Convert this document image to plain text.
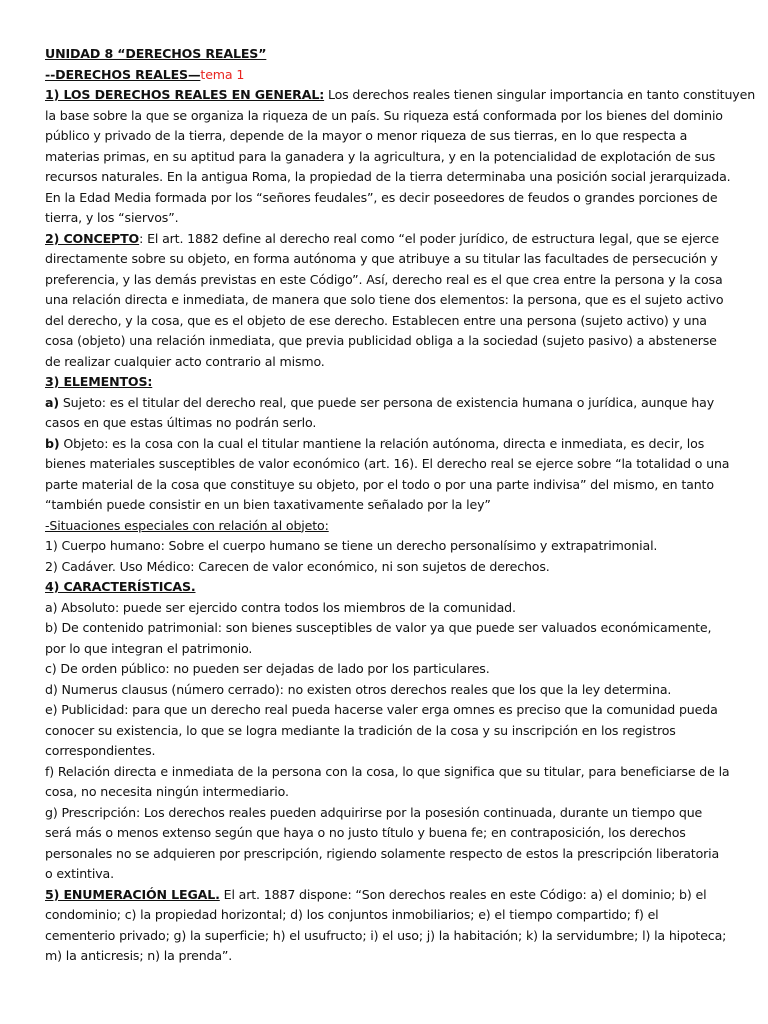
UNIDAD 8 “DERECHOS REALES”
--DERECHOS REALES—tema 1
1) LOS DERECHOS REALES EN GENERAL: Los derechos reales tienen singular importancia en tanto constituyen
la base sobre la que se organiza la riqueza de un país. Su riqueza está conformada por los bienes del dominio
público y privado de la tierra, depende de la mayor o menor riqueza de sus tierras, en lo que respecta a
materias primas, en su aptitud para la ganadera y la agricultura, y en la potencialidad de explotación de sus
recursos naturales. En la antigua Roma, la propiedad de la tierra determinaba una posición social jerarquizada.
En la Edad Media formada por los “señores feudales”, es decir poseedores de feudos o grandes porciones de
tierra, y los “siervos”.
2) CONCEPTO: El art. 1882 define al derecho real como “el poder jurídico, de estructura legal, que se ejerce
directamente sobre su objeto, en forma autónoma y que atribuye a su titular las facultades de persecución y
preferencia, y las demás previstas en este Código”. Así, derecho real es el que crea entre la persona y la cosa
una relación directa e inmediata, de manera que solo tiene dos elementos: la persona, que es el sujeto activo
del derecho, y la cosa, que es el objeto de ese derecho. Establecen entre una persona (sujeto activo) y una
cosa (objeto) una relación inmediata, que previa publicidad obliga a la sociedad (sujeto pasivo) a abstenerse
de realizar cualquier acto contrario al mismo.
3) ELEMENTOS:
a) Sujeto: es el titular del derecho real, que puede ser persona de existencia humana o jurídica, aunque hay
casos en que estas últimas no podrán serlo.
b) Objeto: es la cosa con la cual el titular mantiene la relación autónoma, directa e inmediata, es decir, los
bienes materiales susceptibles de valor económico (art. 16). El derecho real se ejerce sobre “la totalidad o una
parte material de la cosa que constituye su objeto, por el todo o por una parte indivisa” del mismo, en tanto
“también puede consistir en un bien taxativamente señalado por la ley”
-Situaciones especiales con relación al objeto:
1) Cuerpo humano: Sobre el cuerpo humano se tiene un derecho personalísimo y extrapatrimonial.
2) Cadáver. Uso Médico: Carecen de valor económico, ni son sujetos de derechos.
4) CARACTERÍSTICAS.
a) Absoluto: puede ser ejercido contra todos los miembros de la comunidad.
b) De contenido patrimonial: son bienes susceptibles de valor ya que puede ser valuados económicamente,
por lo que integran el patrimonio.
c) De orden público: no pueden ser dejadas de lado por los particulares.
d) Numerus clausus (número cerrado): no existen otros derechos reales que los que la ley determina.
e) Publicidad: para que un derecho real pueda hacerse valer erga omnes es preciso que la comunidad pueda
conocer su existencia, lo que se logra mediante la tradición de la cosa y su inscripción en los registros
correspondientes.
f) Relación directa e inmediata de la persona con la cosa, lo que significa que su titular, para beneficiarse de la
cosa, no necesita ningún intermediario.
g) Prescripción: Los derechos reales pueden adquirirse por la posesión continuada, durante un tiempo que
será más o menos extenso según que haya o no justo título y buena fe; en contraposición, los derechos
personales no se adquieren por prescripción, rigiendo solamente respecto de estos la prescripción liberatoria
o extintiva.
5) ENUMERACIÓN LEGAL. El art. 1887 dispone: “Son derechos reales en este Código: a) el dominio; b) el
condominio; c) la propiedad horizontal; d) los conjuntos inmobiliarios; e) el tiempo compartido; f) el
cementerio privado; g) la superficie; h) el usufructo; i) el uso; j) la habitación; k) la servidumbre; l) la hipoteca;
m) la anticresis; n) la prenda”.
